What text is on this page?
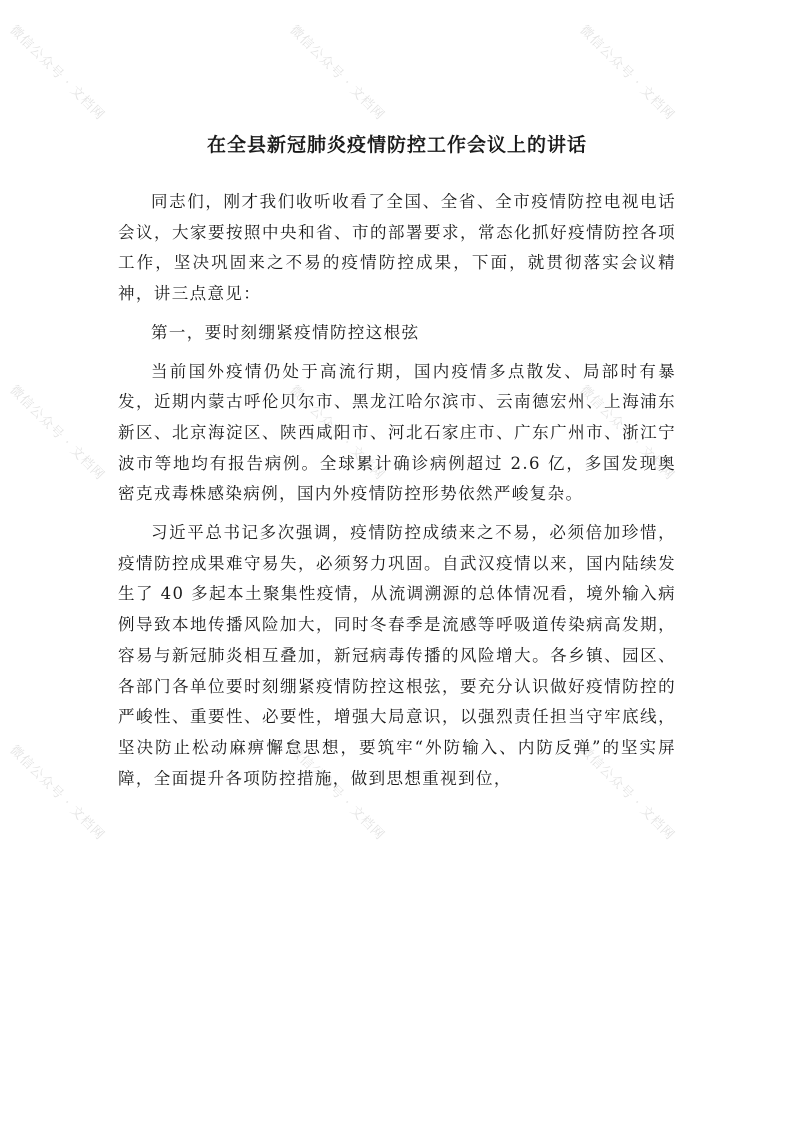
微信公众号 · 文档网	微信公众号 · 文档网	微信公众号 · 文档网
微信公众号 · 文档网	微信公众号 · 文档网	微信公众号 · 文档网
微信公众号 · 文档网	微信公众号 · 文档网	微信公众号 · 文档网
在全县新冠肺炎疫情防控工作会议上的讲话

同志们，刚才我们收听收看了全国、全省、全市疫情防控电视电话会议，大家要按照中央和省、市的部署要求，常态化抓好疫情防控各项工作，坚决巩固来之不易的疫情防控成果，下面，就贯彻落实会议精神，讲三点意见：

第一，要时刻绷紧疫情防控这根弦

当前国外疫情仍处于高流行期，国内疫情多点散发、局部时有暴发，近期内蒙古呼伦贝尔市、黑龙江哈尔滨市、云南德宏州、上海浦东新区、北京海淀区、陕西咸阳市、河北石家庄市、广东广州市、浙江宁波市等地均有报告病例。全球累计确诊病例超过 2.6 亿，多国发现奥密克戎毒株感染病例，国内外疫情防控形势依然严峻复杂。

习近平总书记多次强调，疫情防控成绩来之不易，必须倍加珍惜，疫情防控成果难守易失，必须努力巩固。自武汉疫情以来，国内陆续发生了 40 多起本土聚集性疫情，从流调溯源的总体情况看，境外输入病例导致本地传播风险加大，同时冬春季是流感等呼吸道传染病高发期，容易与新冠肺炎相互叠加，新冠病毒传播的风险增大。各乡镇、园区、各部门各单位要时刻绷紧疫情防控这根弦，要充分认识做好疫情防控的严峻性、重要性、必要性，增强大局意识，以强烈责任担当守牢底线，坚决防止松动麻痹懈怠思想，要筑牢“外防输入、内防反弹”的坚实屏障，全面提升各项防控措施，做到思想重视到位，
